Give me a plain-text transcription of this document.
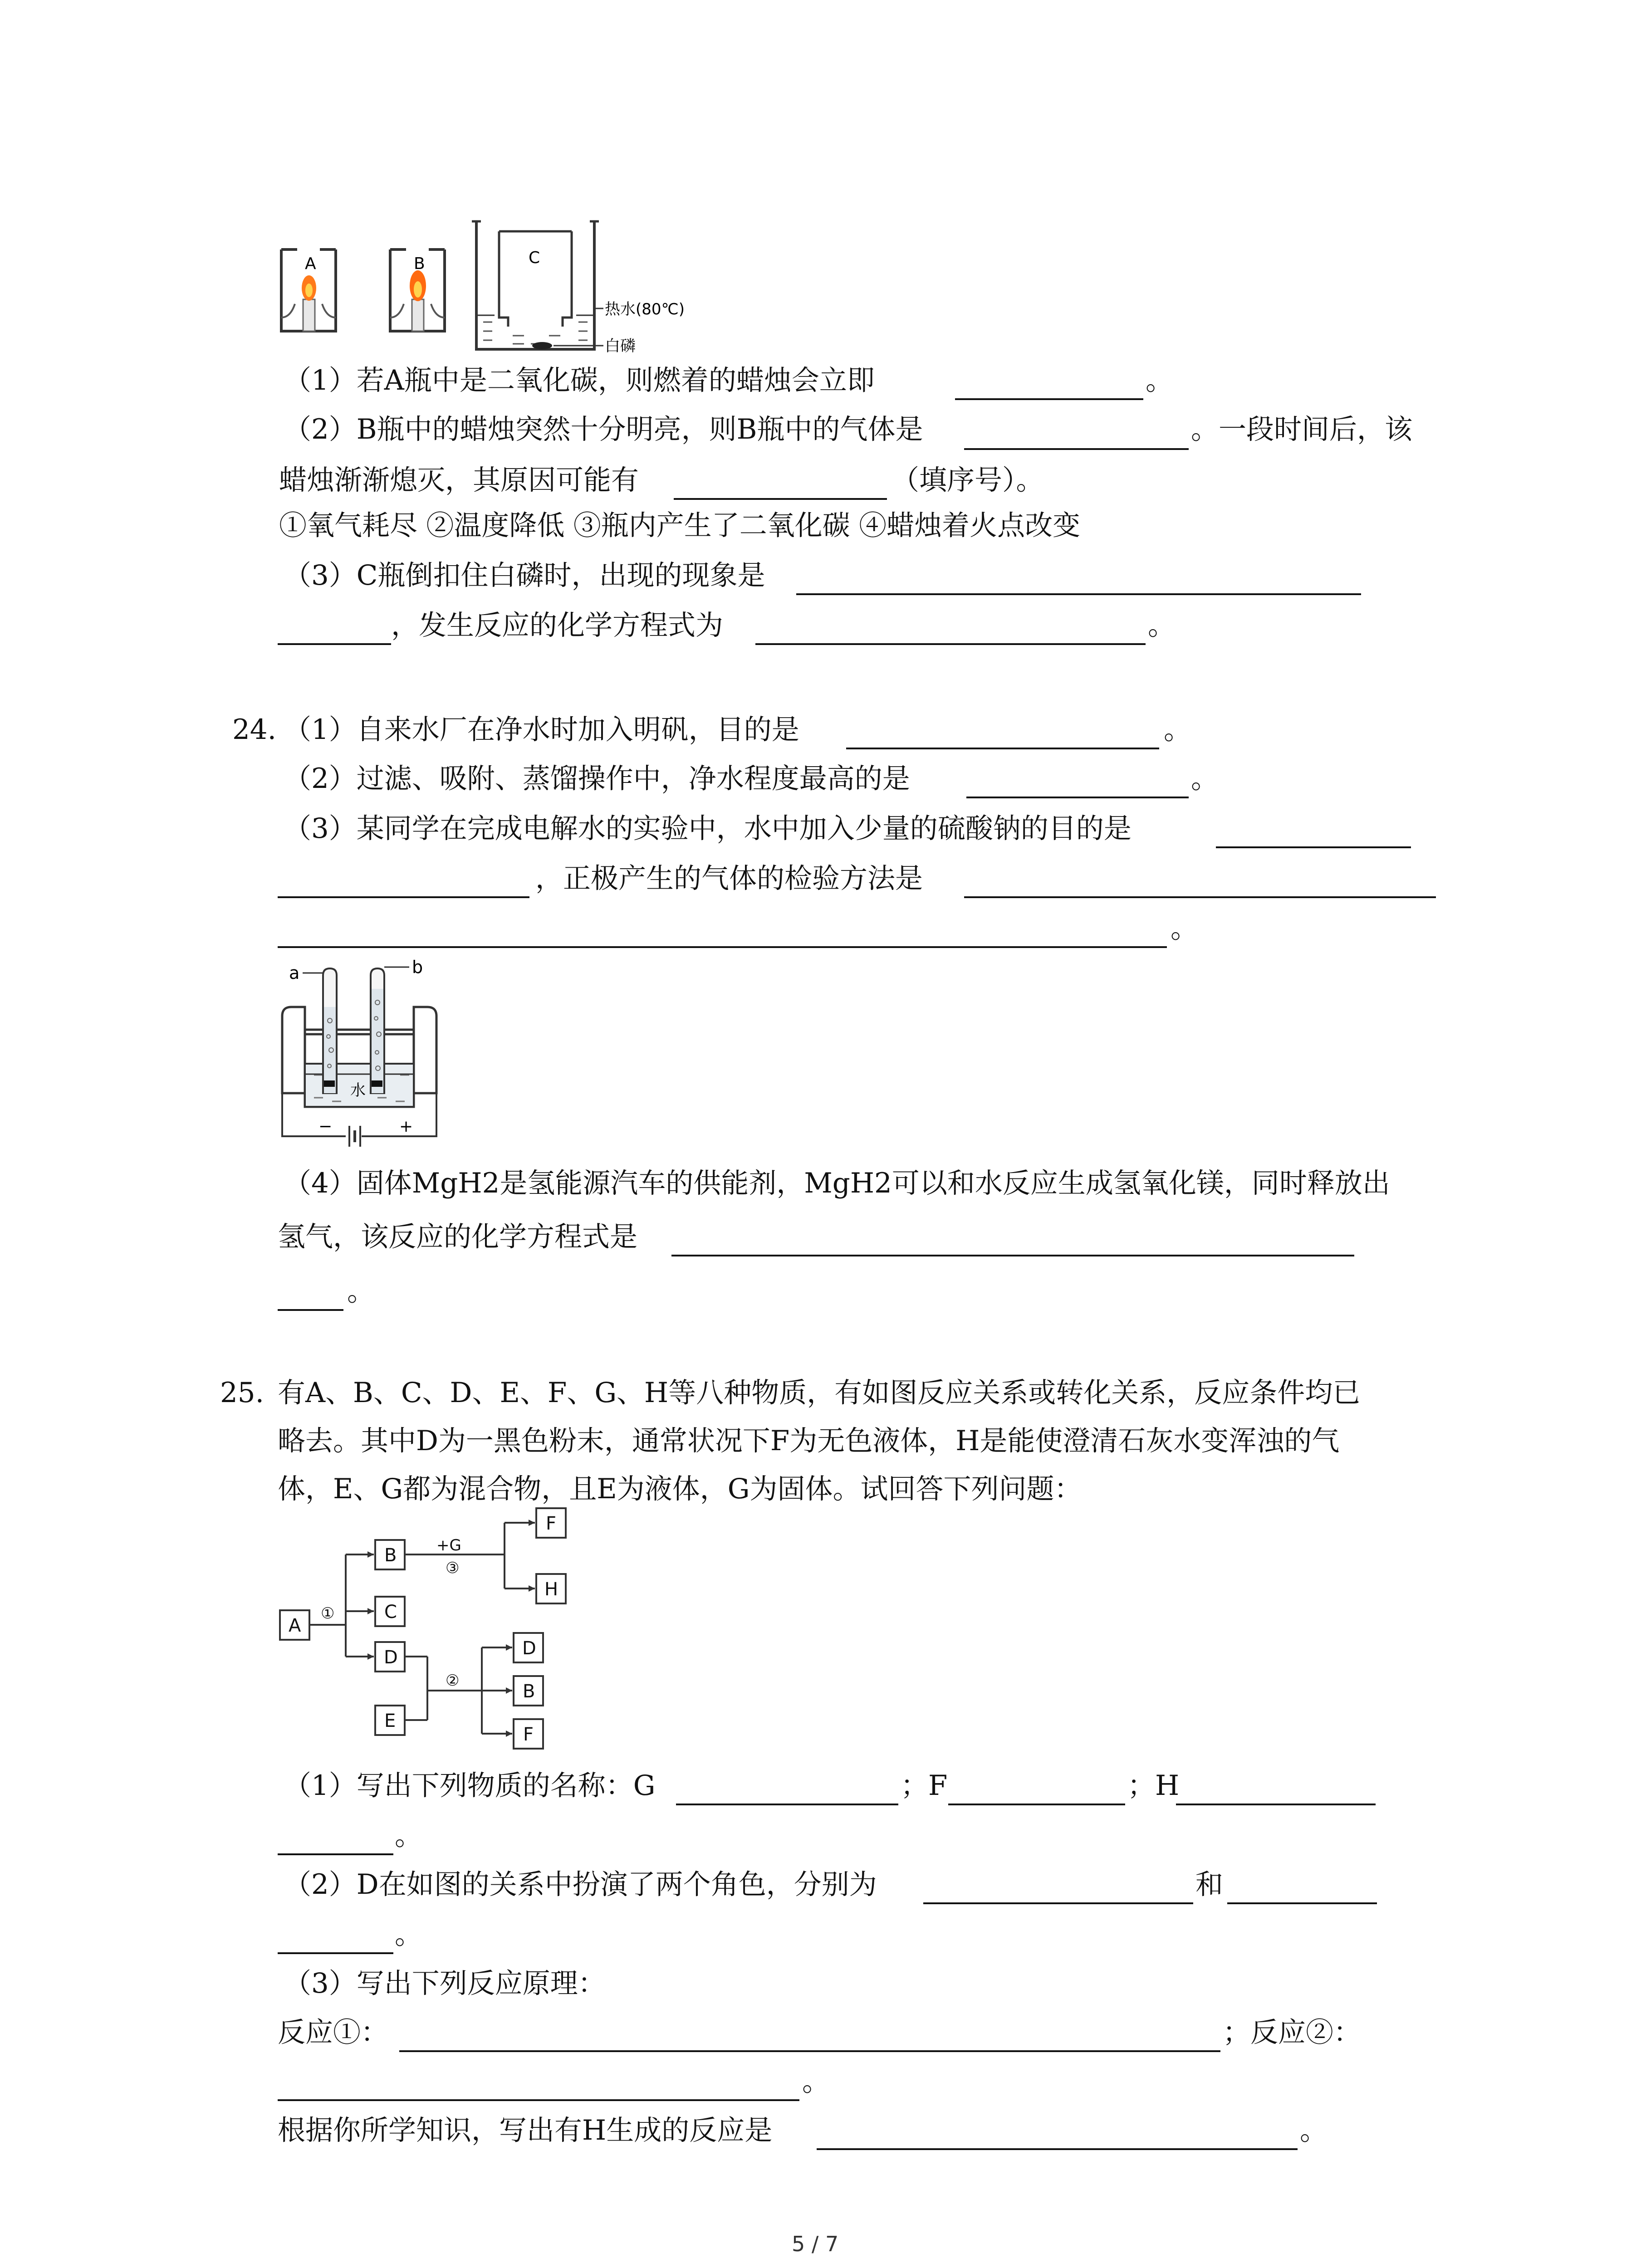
A	B	C
热水(80℃)
白磷
（1）若A瓶中是二氧化碳，则燃着的蜡烛会立即	。
（2）B瓶中的蜡烛突然十分明亮，则B瓶中的气体是	。一段时间后，该
蜡烛渐渐熄灭，其原因可能有	（填序号）。
①氧气耗尽 ②温度降低 ③瓶内产生了二氧化碳 ④蜡烛着火点改变
（3）C瓶倒扣住白磷时，出现的现象是
，发生反应的化学方程式为	。
24. （1）自来水厂在净水时加入明矾，目的是	。
（2）过滤、吸附、蒸馏操作中，净水程度最高的是	。
（3）某同学在完成电解水的实验中，水中加入少量的硫酸钠的目的是
，正极产生的气体的检验方法是
。
a	b
水
−	+
（4）固体MgH2是氢能源汽车的供能剂，MgH2可以和水反应生成氢氧化镁，同时释放出
氢气，该反应的化学方程式是
。
25. 有A、B、C、D、E、F、G、H等八种物质，有如图反应关系或转化关系，反应条件均已
略去。其中D为一黑色粉末，通常状况下F为无色液体，H是能使澄清石灰水变浑浊的气
体，E、G都为混合物，且E为液体，G为固体。试回答下列问题：
A
B
C
D
E
F
H
D
B
F
①
+G
③
②
（1）写出下列物质的名称：G	；F	；H
。
（2）D在如图的关系中扮演了两个角色，分别为	和
。
（3）写出下列反应原理：
反应①：	；反应②：
。
根据你所学知识，写出有H生成的反应是	。
5 / 7
